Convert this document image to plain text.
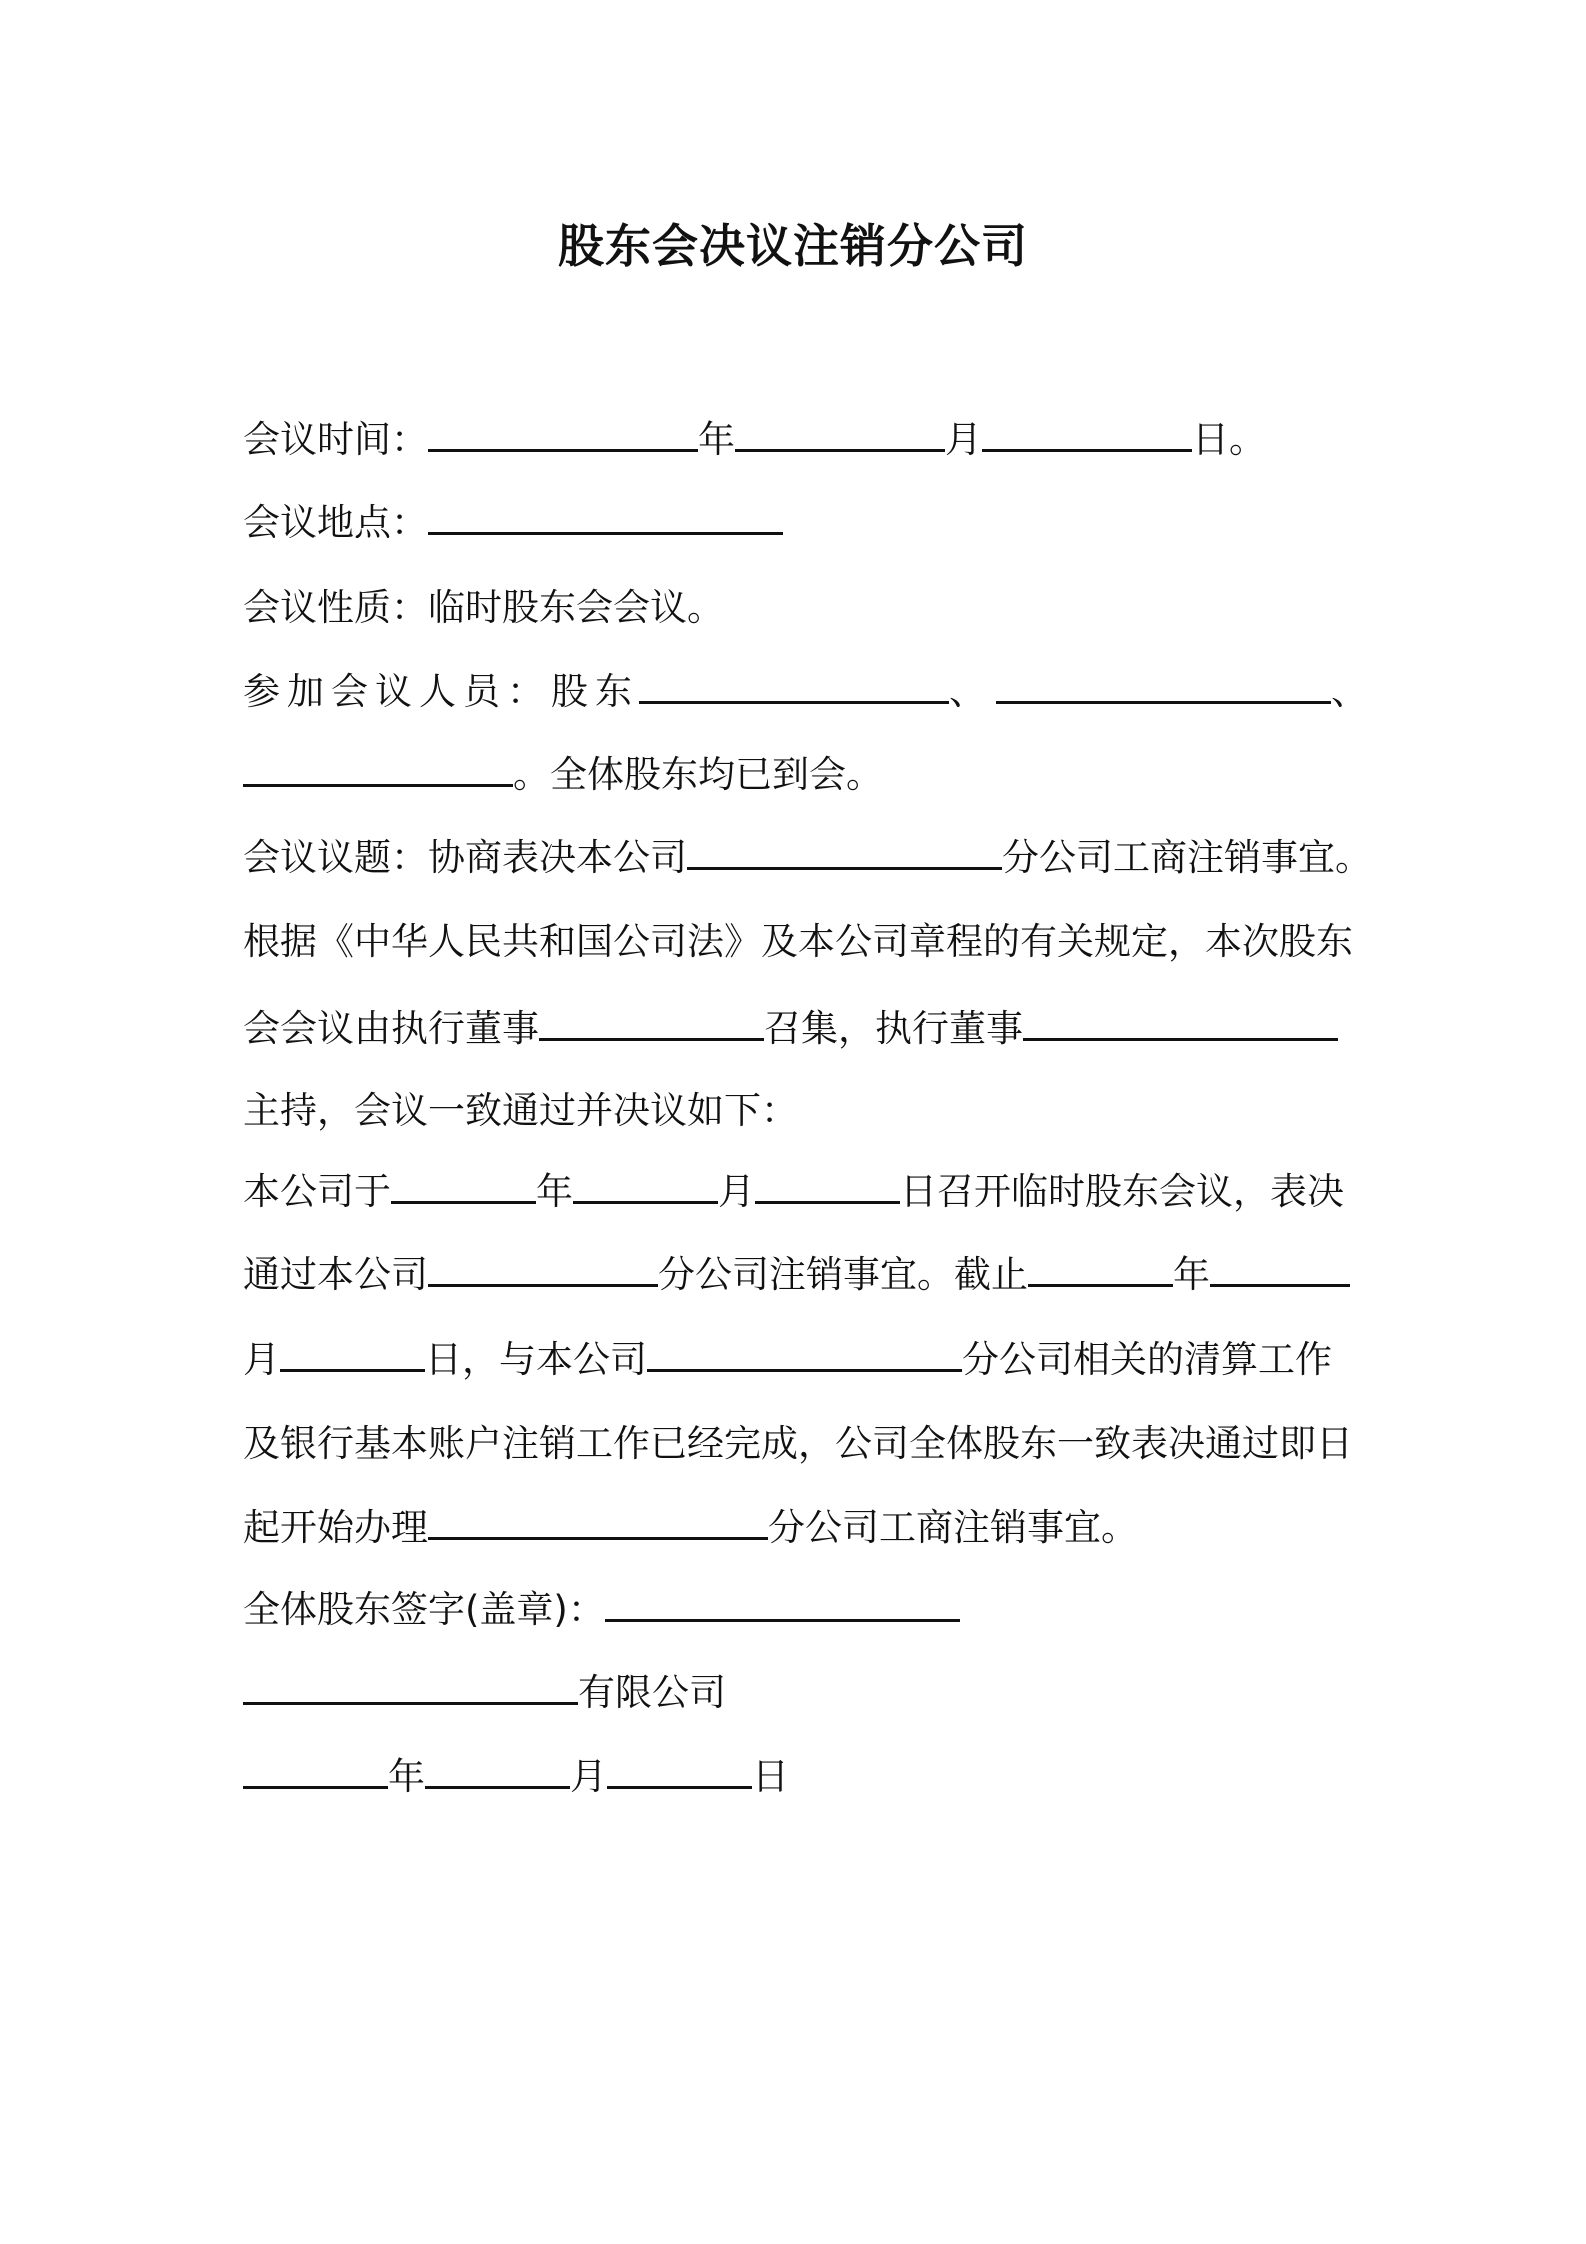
股东会决议注销分公司
会议时间：	年	月	日。
会议地点：
会议性质：临时股东会会议。
参加会议人员：股东	、	、
。全体股东均已到会。
会议议题：协商表决本公司	分公司工商注销事宜。
根据《中华人民共和国公司法》及本公司章程的有关规定，本次股东
会会议由执行董事	召集，执行董事
主持，会议一致通过并决议如下：
本公司于	年	月	日召开临时股东会议，表决
通过本公司	分公司注销事宜。截止	年
月	日，与本公司	分公司相关的清算工作
及银行基本账户注销工作已经完成，公司全体股东一致表决通过即日
起开始办理	分公司工商注销事宜。
全体股东签字(盖章)：
有限公司
年	月	日
